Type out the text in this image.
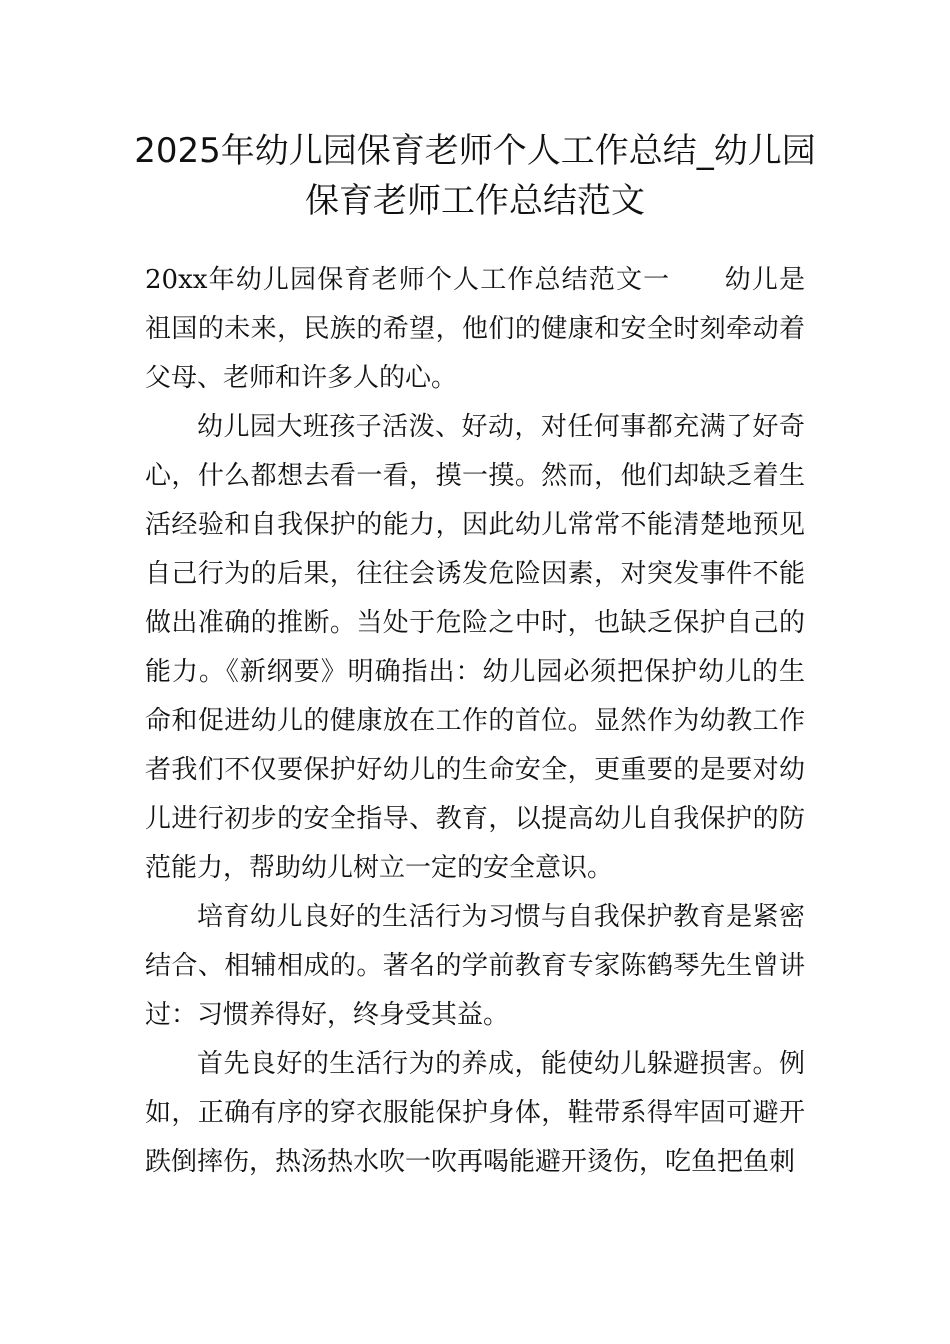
2025年幼儿园保育老师个人工作总结_幼儿园保育老师工作总结范文

20xx年幼儿园保育老师个人工作总结范文一　　幼儿是祖国的未来，民族的希望，他们的健康和安全时刻牵动着父母、老师和许多人的心。

幼儿园大班孩子活泼、好动，对任何事都充满了好奇心，什么都想去看一看，摸一摸。然而，他们却缺乏着生活经验和自我保护的能力，因此幼儿常常不能清楚地预见自己行为的后果，往往会诱发危险因素，对突发事件不能做出准确的推断。当处于危险之中时，也缺乏保护自己的能力。《新纲要》明确指出：幼儿园必须把保护幼儿的生命和促进幼儿的健康放在工作的首位。显然作为幼教工作者我们不仅要保护好幼儿的生命安全，更重要的是要对幼儿进行初步的安全指导、教育，以提高幼儿自我保护的防范能力，帮助幼儿树立一定的安全意识。

培育幼儿良好的生活行为习惯与自我保护教育是紧密结合、相辅相成的。著名的学前教育专家陈鹤琴先生曾讲过：习惯养得好，终身受其益。

首先良好的生活行为的养成，能使幼儿躲避损害。例如，正确有序的穿衣服能保护身体，鞋带系得牢固可避开跌倒摔伤，热汤热水吹一吹再喝能避开烫伤，吃鱼把鱼刺
